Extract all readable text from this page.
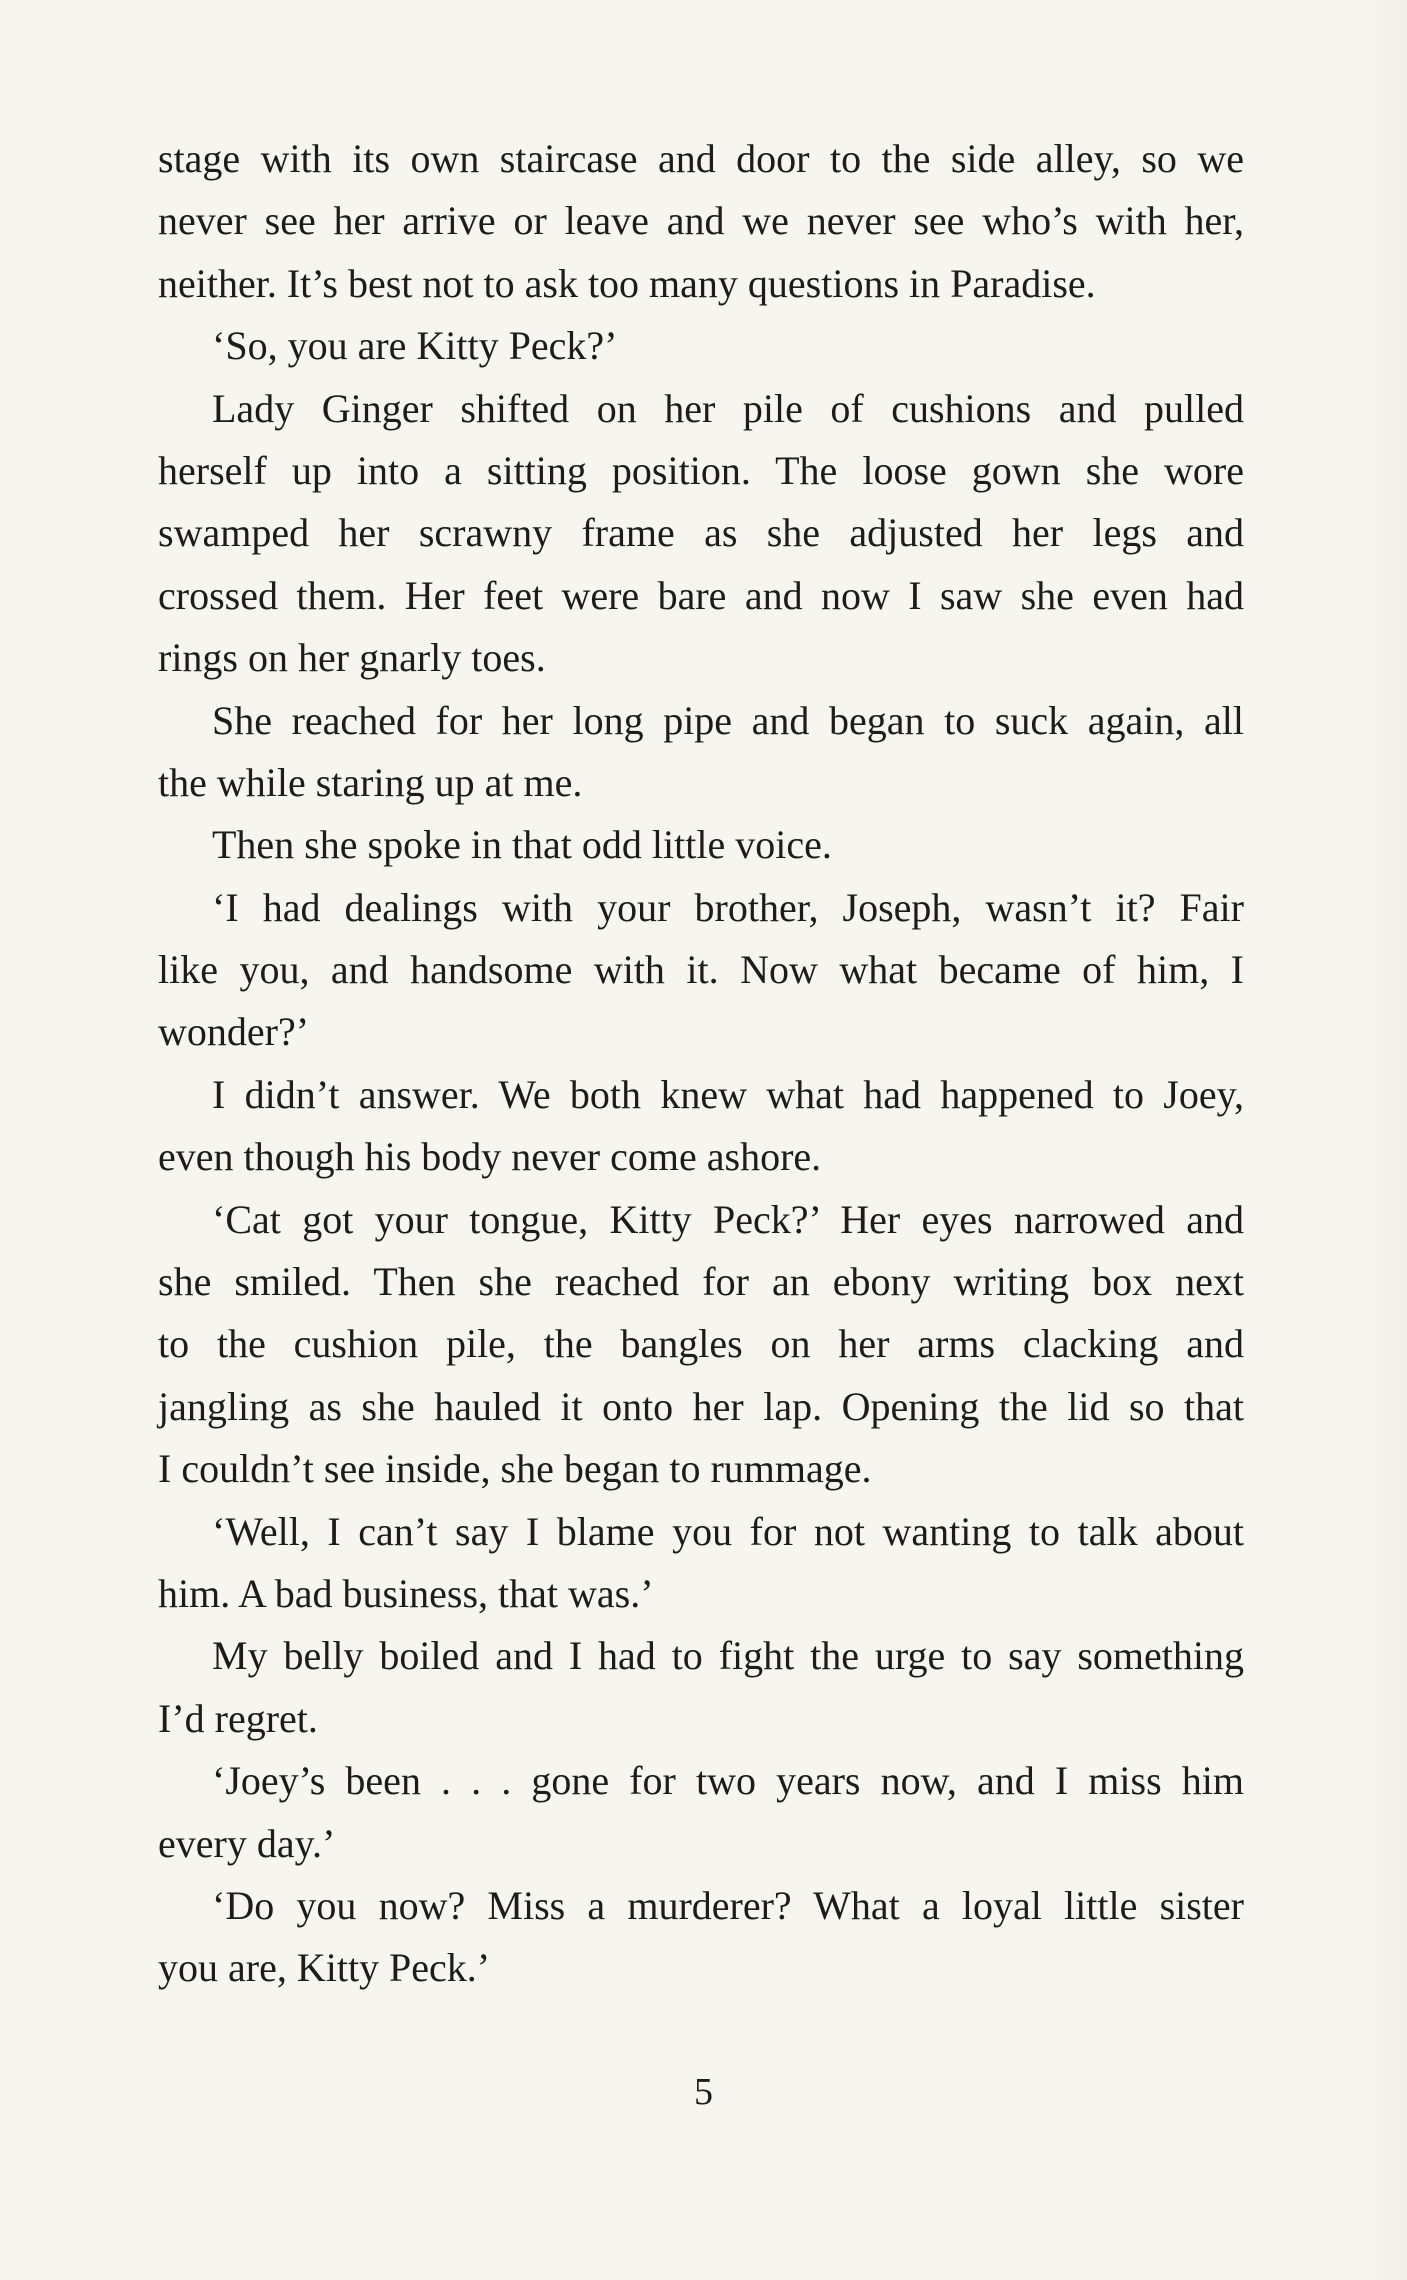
stage with its own staircase and door to the side alley, so we
never see her arrive or leave and we never see who’s with her,
neither. It’s best not to ask too many questions in Paradise.
‘So, you are Kitty Peck?’
Lady Ginger shifted on her pile of cushions and pulled
herself up into a sitting position. The loose gown she wore
swamped her scrawny frame as she adjusted her legs and
crossed them. Her feet were bare and now I saw she even had
rings on her gnarly toes.
She reached for her long pipe and began to suck again, all
the while staring up at me.
Then she spoke in that odd little voice.
‘I had dealings with your brother, Joseph, wasn’t it? Fair
like you, and handsome with it. Now what became of him, I
wonder?’
I didn’t answer. We both knew what had happened to Joey,
even though his body never come ashore.
‘Cat got your tongue, Kitty Peck?’ Her eyes narrowed and
she smiled. Then she reached for an ebony writing box next
to the cushion pile, the bangles on her arms clacking and
jangling as she hauled it onto her lap. Opening the lid so that
I couldn’t see inside, she began to rummage.
‘Well, I can’t say I blame you for not wanting to talk about
him. A bad business, that was.’
My belly boiled and I had to fight the urge to say something
I’d regret.
‘Joey’s been . . . gone for two years now, and I miss him
every day.’
‘Do you now? Miss a murderer? What a loyal little sister
you are, Kitty Peck.’
5
